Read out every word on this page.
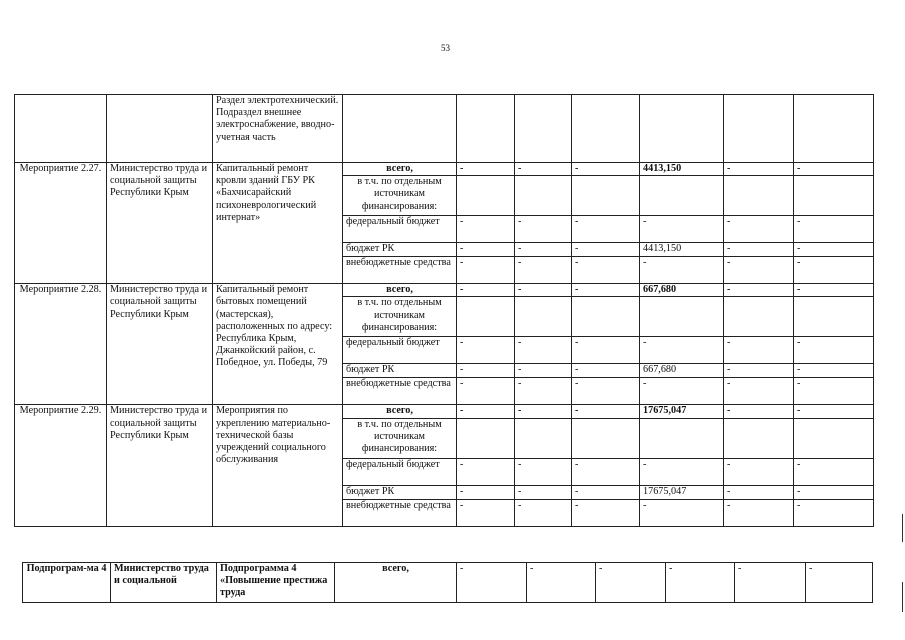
53
		Раздел электротехнический. Подраздел внешнее электроснабжение, вводно-учетная часть							
Мероприятие 2.27.	Министерство труда и социальной защиты Республики Крым	Капитальный ремонт кровли зданий ГБУ РК «Бахчисарайский психоневрологический интернат»	всего,	-	-	-	4413,150	-	-
			в т.ч. по отдельным источникам финансирования:						
			федеральный бюджет	-	-	-	-	-	-
			бюджет РК	-	-	-	4413,150	-	-
			внебюджетные средства	-	-	-	-	-	-
Мероприятие 2.28.	Министерство труда и социальной защиты Республики Крым	Капитальный ремонт бытовых помещений (мастерская), расположенных по адресу: Республика Крым, Джанкойский район, с. Победное, ул. Победы, 79	всего,	-	-	-	667,680	-	-
			в т.ч. по отдельным источникам финансирования:						
			федеральный бюджет	-	-	-	-	-	-
			бюджет РК	-	-	-	667,680	-	-
			внебюджетные средства	-	-	-	-	-	-
Мероприятие 2.29.	Министерство труда и социальной защиты Республики Крым	Мероприятия по укреплению материально-технической базы учреждений социального обслуживания	всего,	-	-	-	17675,047	-	-
			в т.ч. по отдельным источникам финансирования:						
			федеральный бюджет	-	-	-	-	-	-
			бюджет РК	-	-	-	17675,047	-	-
			внебюджетные средства	-	-	-	-	-	-
Подпрограм-ма 4	Министерство труда и социальной	Подпрограмма 4 «Повышение престижа труда	всего,	-	-	-	-	-	-
